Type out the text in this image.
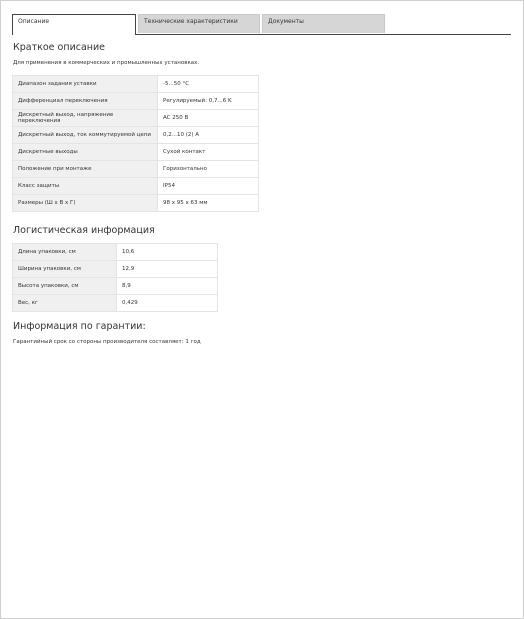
Описание	Технические характеристики	Документы
Краткое описание

Для применения в коммерческих и промышленных установках.

Диапазон задания уставки	-5...50 °C
Дифференциал переключения	Регулируемый: 0,7...6 K
Дискретный выход, напряжение переключения	AC 250 В
Дискретный выход, ток коммутируемой цепи	0,2...10 (2) А
Дискретные выходы	Сухой контакт
Положение при монтаже	Горизонтально
Класс защиты	IP54
Размеры (Ш x В x Г)	98 x 95 x 63 мм
Логистическая информация
Длина упаковки, см	10,6
Ширина упаковки, см	12,9
Высота упаковки, см	8,9
Вес, кг	0,429
Информация по гарантии:

Гарантийный срок со стороны производителя составляет: 1 год
